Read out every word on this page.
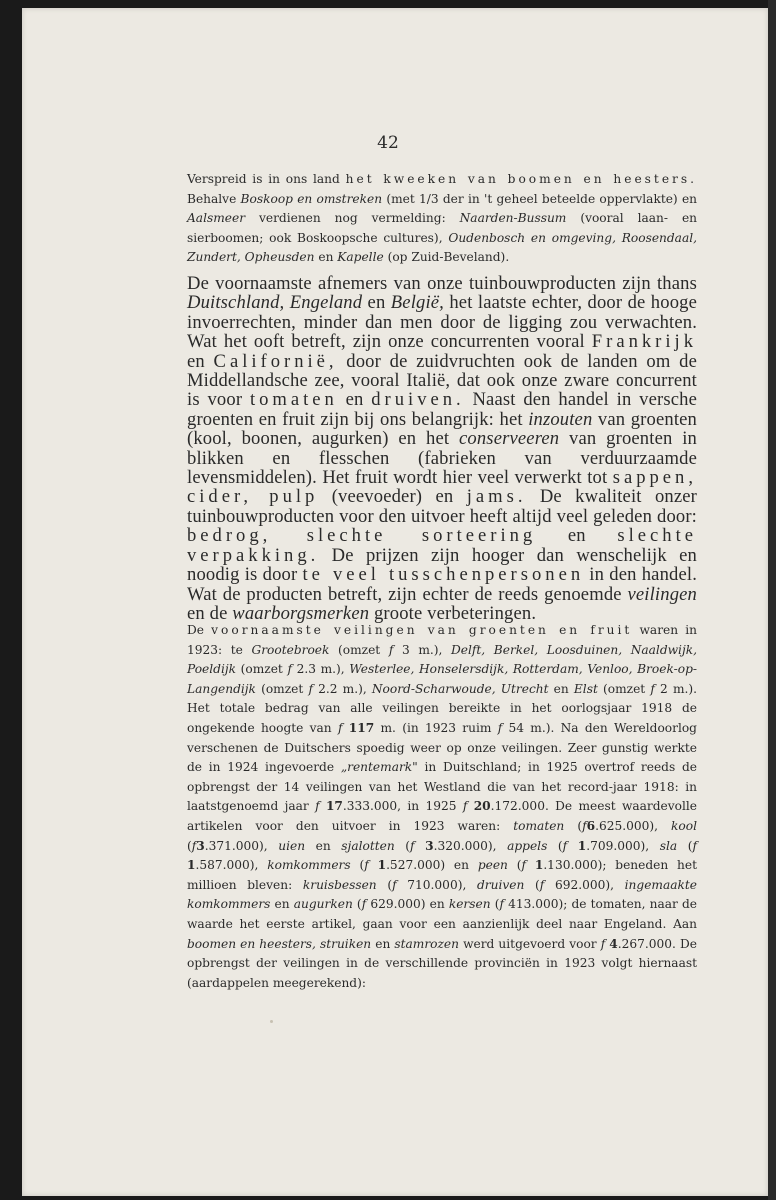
42

Verspreid is in ons land het kweeken van boomen en heesters. Behalve Boskoop en omstreken (met 1/3 der in 't geheel beteelde oppervlakte) en Aalsmeer verdienen nog vermelding: Naarden-Bussum (vooral laan- en sierboomen; ook Boskoopsche cultures), Oudenbosch en omgeving, Roosendaal, Zundert, Opheusden en Kapelle (op Zuid-Beveland).

De voornaamste afnemers van onze tuinbouwproducten zijn thans Duitschland, Engeland en België, het laatste echter, door de hooge invoerrechten, minder dan men door de ligging zou verwachten. Wat het ooft betreft, zijn onze concurrenten vooral Frankrijk en Californië, door de zuidvruchten ook de landen om de Middellandsche zee, vooral Italië, dat ook onze zware concurrent is voor tomaten en druiven. Naast den handel in versche groenten en fruit zijn bij ons belangrijk: het inzouten van groenten (kool, boonen, augurken) en het conserveeren van groenten in blikken en flesschen (fabrieken van verduurzaamde levensmiddelen). Het fruit wordt hier veel verwerkt tot sappen, cider, pulp (veevoeder) en jams. De kwaliteit onzer tuinbouwproducten voor den uitvoer heeft altijd veel geleden door: bedrog, slechte sorteering en slechte verpakking. De prijzen zijn hooger dan wenschelijk en noodig is door te veel tusschenpersonen in den handel. Wat de producten betreft, zijn echter de reeds genoemde veilingen en de waarborgsmerken groote verbeteringen.

De voornaamste veilingen van groenten en fruit waren in 1923: te Grootebroek (omzet f 3 m.), Delft, Berkel, Loosduinen, Naaldwijk, Poeldijk (omzet f 2.3 m.), Westerlee, Honselersdijk, Rotterdam, Venloo, Broek-op-Langendijk (omzet f 2.2 m.), Noord-Scharwoude, Utrecht en Elst (omzet f 2 m.). Het totale bedrag van alle veilingen bereikte in het oorlogsjaar 1918 de ongekende hoogte van f 117 m. (in 1923 ruim f 54 m.). Na den Wereldoorlog verschenen de Duitschers spoedig weer op onze veilingen. Zeer gunstig werkte de in 1924 ingevoerde „rentemark" in Duitschland; in 1925 overtrof reeds de opbrengst der 14 veilingen van het Westland die van het record-jaar 1918: in laatstgenoemd jaar f 17.333.000, in 1925 f 20.172.000. De meest waardevolle artikelen voor den uitvoer in 1923 waren: tomaten (f6.625.000), kool (f3.371.000), uien en sjalotten (f 3.320.000), appels (f 1.709.000), sla (f 1.587.000), komkommers (f 1.527.000) en peen (f 1.130.000); beneden het millioen bleven: kruisbessen (f 710.000), druiven (f 692.000), ingemaakte komkommers en augurken (f 629.000) en kersen (f 413.000); de tomaten, naar de waarde het eerste artikel, gaan voor een aanzienlijk deel naar Engeland. Aan boomen en heesters, struiken en stamrozen werd uitgevoerd voor f 4.267.000. De opbrengst der veilingen in de verschillende provinciën in 1923 volgt hiernaast (aardappelen meegerekend):
